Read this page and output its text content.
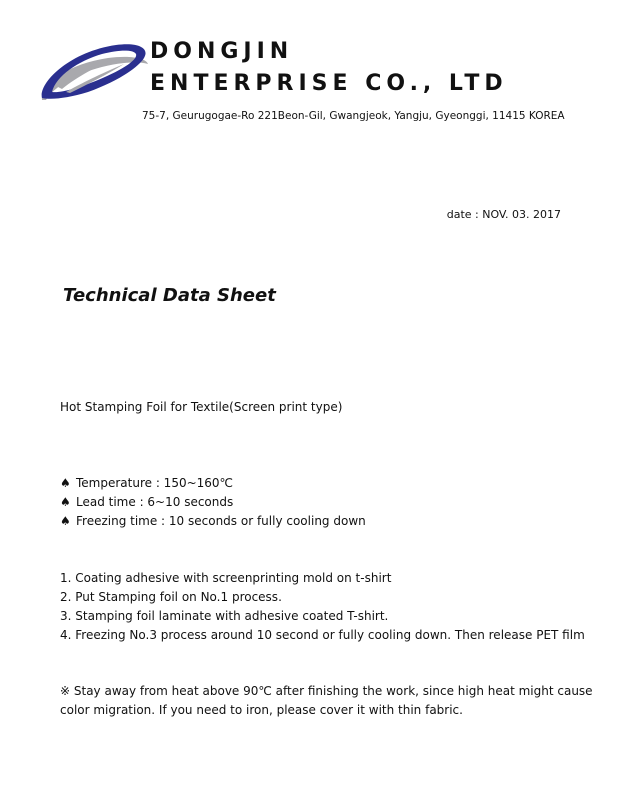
DONGJIN
ENTERPRISE CO., LTD
75-7, Geurugogae-Ro 221Beon-Gil, Gwangjeok, Yangju, Gyeonggi, 11415 KOREA
date : NOV. 03. 2017
Technical Data Sheet
Hot Stamping Foil for Textile(Screen print type)
♠ Temperature : 150~160℃
♠ Lead time : 6~10 seconds
♠ Freezing time : 10 seconds or fully cooling down
1. Coating adhesive with screenprinting mold on t-shirt
2. Put Stamping foil on No.1 process.
3. Stamping foil laminate with adhesive coated T-shirt.
4. Freezing No.3 process around 10 second or fully cooling down. Then release PET film
※ Stay away from heat above 90℃ after finishing the work, since high heat might cause
color migration. If you need to iron, please cover it with thin fabric.
